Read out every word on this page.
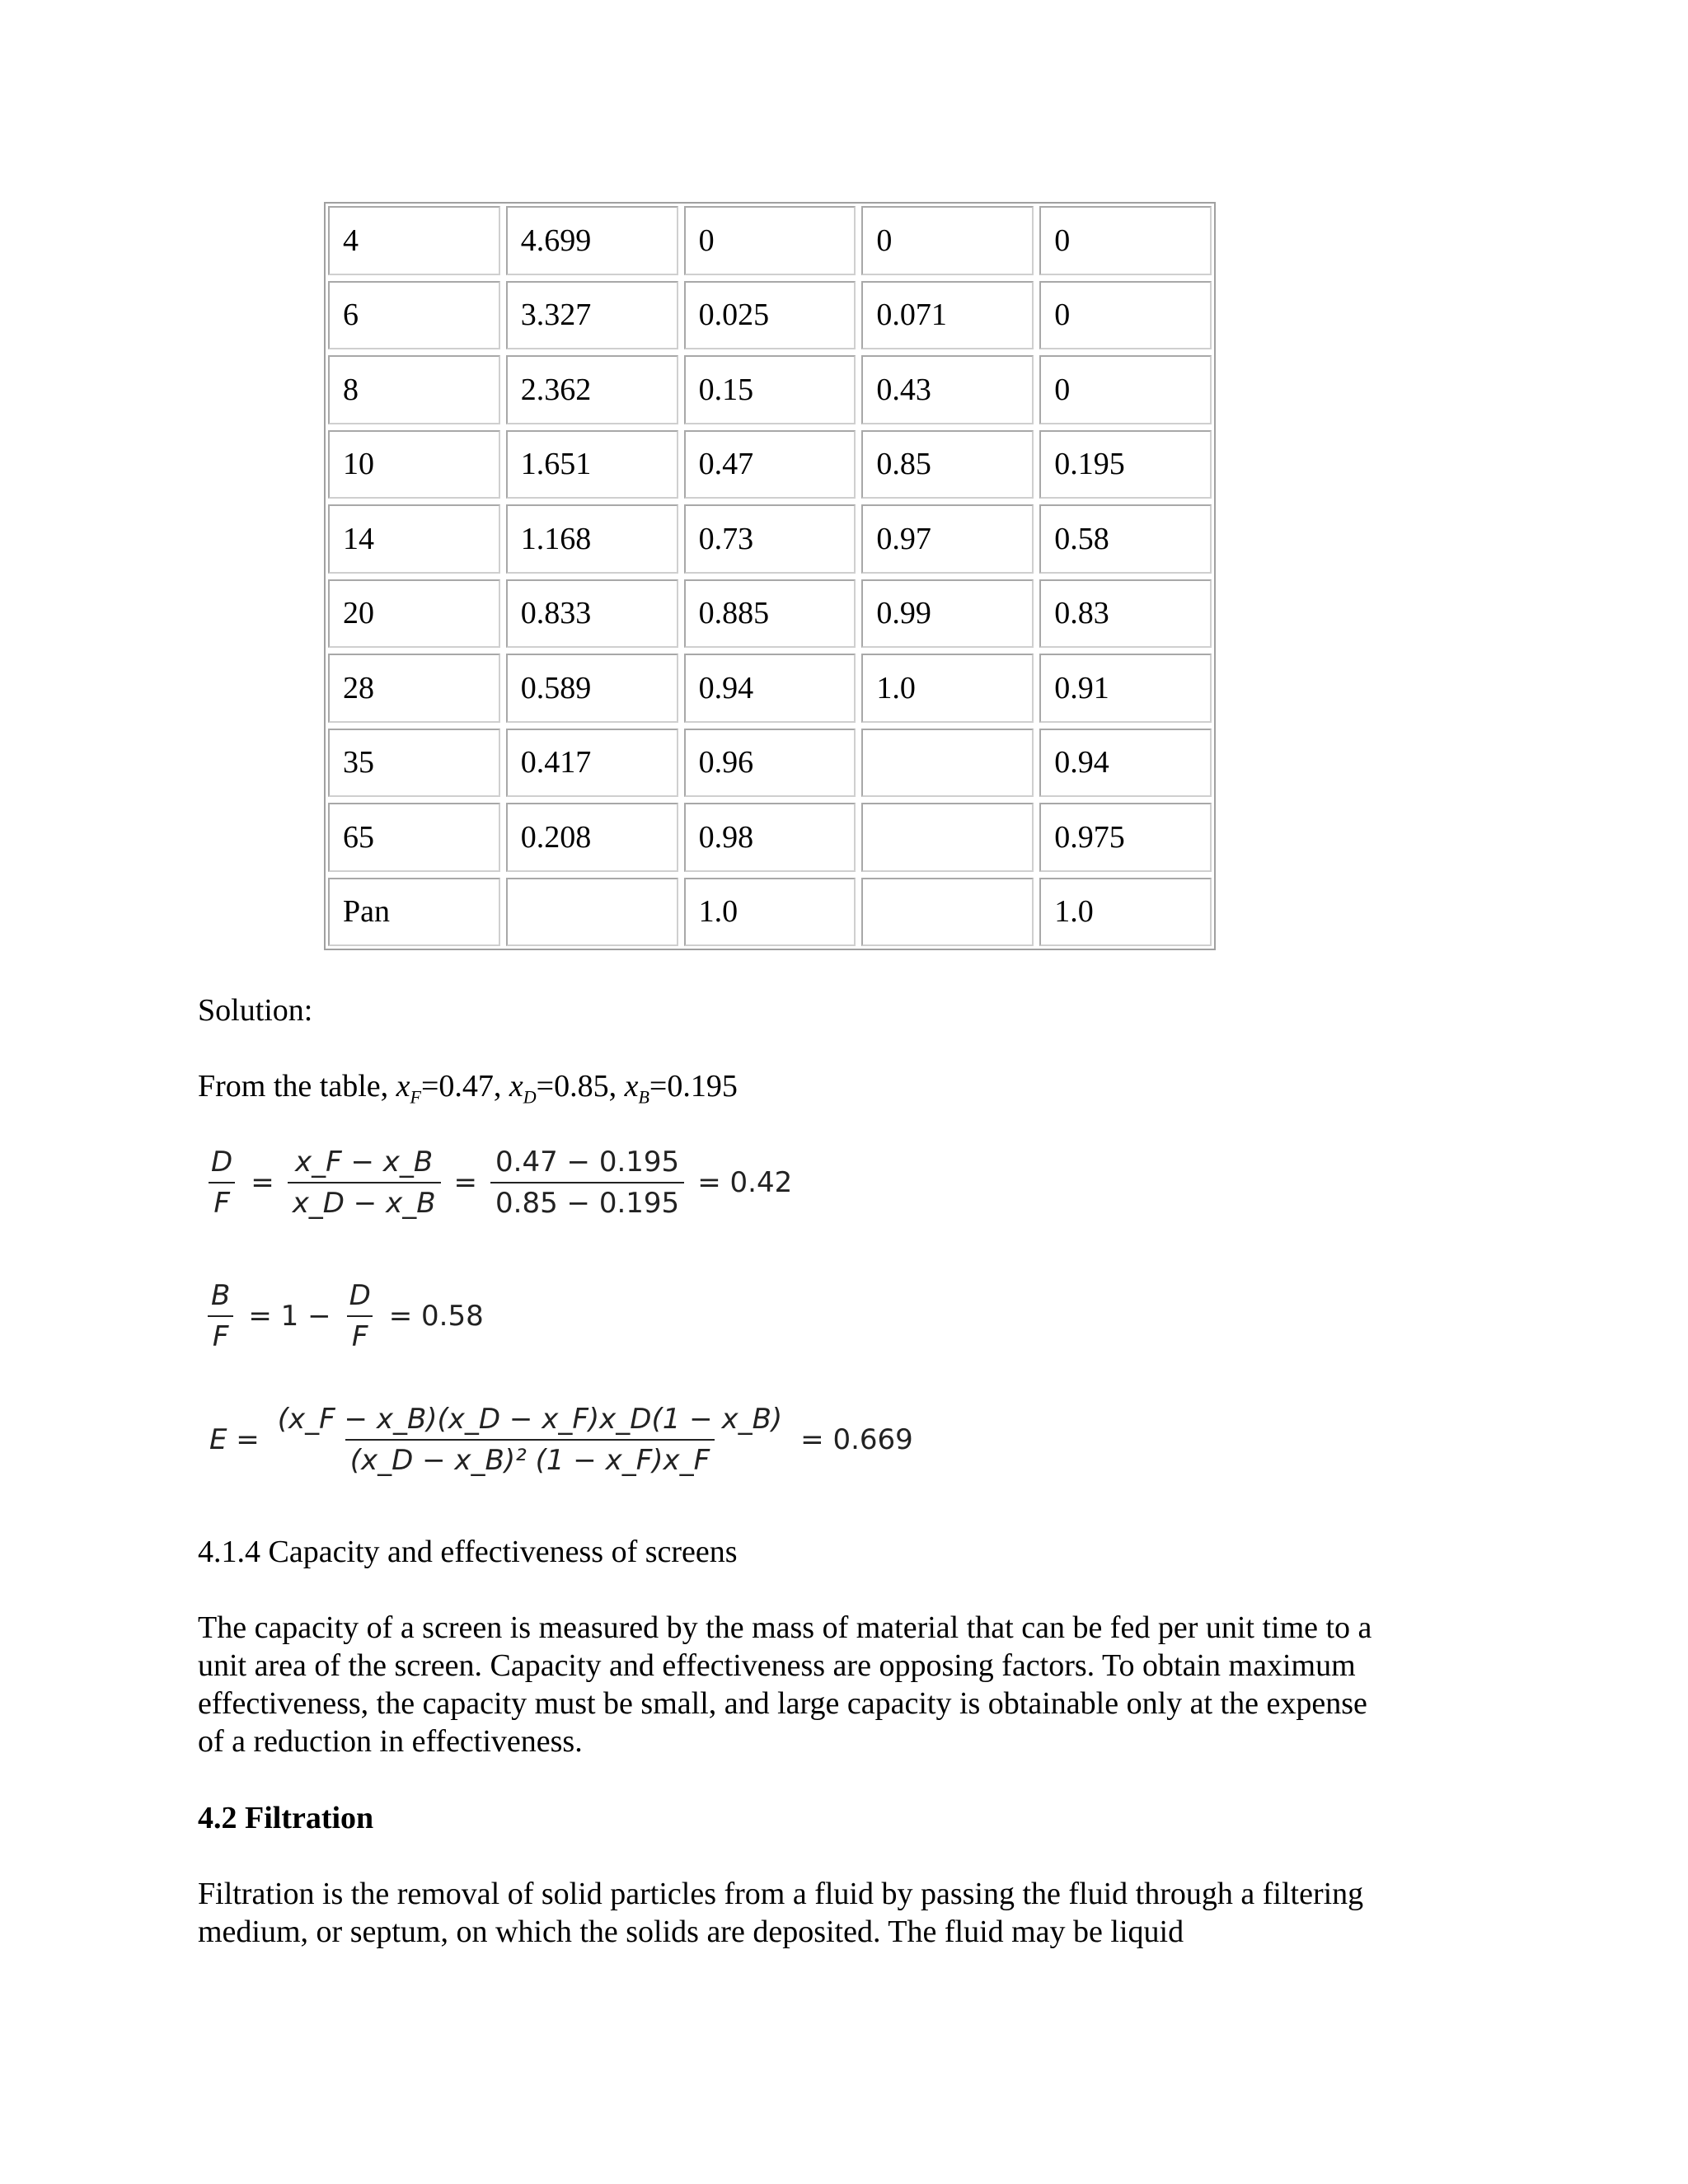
4	4.699	0	0	0
6	3.327	0.025	0.071	0
8	2.362	0.15	0.43	0
10	1.651	0.47	0.85	0.195
14	1.168	0.73	0.97	0.58
20	0.833	0.885	0.99	0.83
28	0.589	0.94	1.0	0.91
35	0.417	0.96		0.94
65	0.208	0.98		0.975
Pan		1.0		1.0
Solution:
From the table, $x_F=0.47$, $x_D=0.85$, $x_B=0.195$
$\frac{D}{F} = \frac{x\_F - x\_B}{x\_D - x\_B} = \frac{0.47 - 0.195}{0.85 - 0.195} = 0.42$
$\frac{B}{F} = 1 - \frac{D}{F} = 0.58$
$E = \frac{(x\_F - x\_B)(x\_D - x\_F)x\_D(1 - x\_B)}{\text{(x\_D − x\_B)² (1 − x\_F)x\_F}} = 0.669$
4.1.4 Capacity and effectiveness of screens
The capacity of a screen is measured by the mass of material that can be fed per unit time to a unit area of the screen. Capacity and effectiveness are opposing factors. To obtain maximum effectiveness, the capacity must be small, and large capacity is obtainable only at the expense of a reduction in effectiveness.
4.2 Filtration
Filtration is the removal of solid particles from a fluid by passing the fluid through a filtering medium, or septum, on which the solids are deposited. The fluid may be liquid
